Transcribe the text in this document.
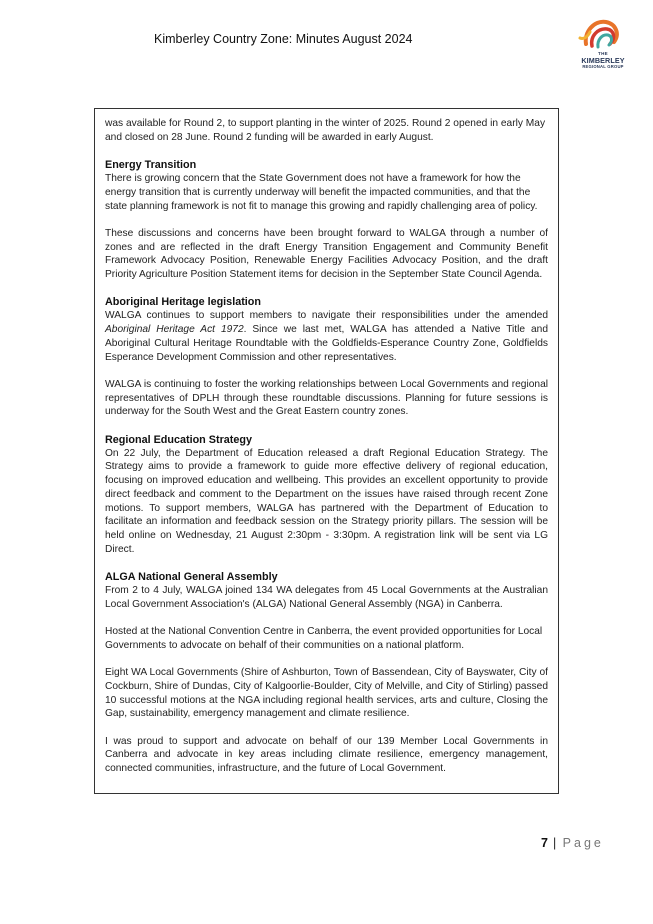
Kimberley Country Zone: Minutes August 2024
THE
KIMBERLEY
REGIONAL GROUP

was available for Round 2, to support planting in the winter of 2025. Round 2 opened in early May and closed on 28 June. Round 2 funding will be awarded in early August.

Energy Transition

There is growing concern that the State Government does not have a framework for how the energy transition that is currently underway will benefit the impacted communities, and that the state planning framework is not fit to manage this growing and rapidly challenging area of policy.

These discussions and concerns have been brought forward to WALGA through a number of zones and are reflected in the draft Energy Transition Engagement and Community Benefit Framework Advocacy Position, Renewable Energy Facilities Advocacy Position, and the draft Priority Agriculture Position Statement items for decision in the September State Council Agenda.

Aboriginal Heritage legislation

WALGA continues to support members to navigate their responsibilities under the amended Aboriginal Heritage Act 1972. Since we last met, WALGA has attended a Native Title and Aboriginal Cultural Heritage Roundtable with the Goldfields-Esperance Country Zone, Goldfields Esperance Development Commission and other representatives.

WALGA is continuing to foster the working relationships between Local Governments and regional representatives of DPLH through these roundtable discussions. Planning for future sessions is underway for the South West and the Great Eastern country zones.

Regional Education Strategy

On 22 July, the Department of Education released a draft Regional Education Strategy. The Strategy aims to provide a framework to guide more effective delivery of regional education, focusing on improved education and wellbeing. This provides an excellent opportunity to provide direct feedback and comment to the Department on the issues have raised through recent Zone motions. To support members, WALGA has partnered with the Department of Education to facilitate an information and feedback session on the Strategy priority pillars. The session will be held online on Wednesday, 21 August 2:30pm - 3:30pm. A registration link will be sent via LG Direct.

ALGA National General Assembly

From 2 to 4 July, WALGA joined 134 WA delegates from 45 Local Governments at the Australian Local Government Association's (ALGA) National General Assembly (NGA) in Canberra.

Hosted at the National Convention Centre in Canberra, the event provided opportunities for Local Governments to advocate on behalf of their communities on a national platform.

Eight WA Local Governments (Shire of Ashburton, Town of Bassendean, City of Bayswater, City of Cockburn, Shire of Dundas, City of Kalgoorlie-Boulder, City of Melville, and City of Stirling) passed 10 successful motions at the NGA including regional health services, arts and culture, Closing the Gap, sustainability, emergency management and climate resilience.

I was proud to support and advocate on behalf of our 139 Member Local Governments in Canberra and advocate in key areas including climate resilience, emergency management, connected communities, infrastructure, and the future of Local Government.

7 | Page
